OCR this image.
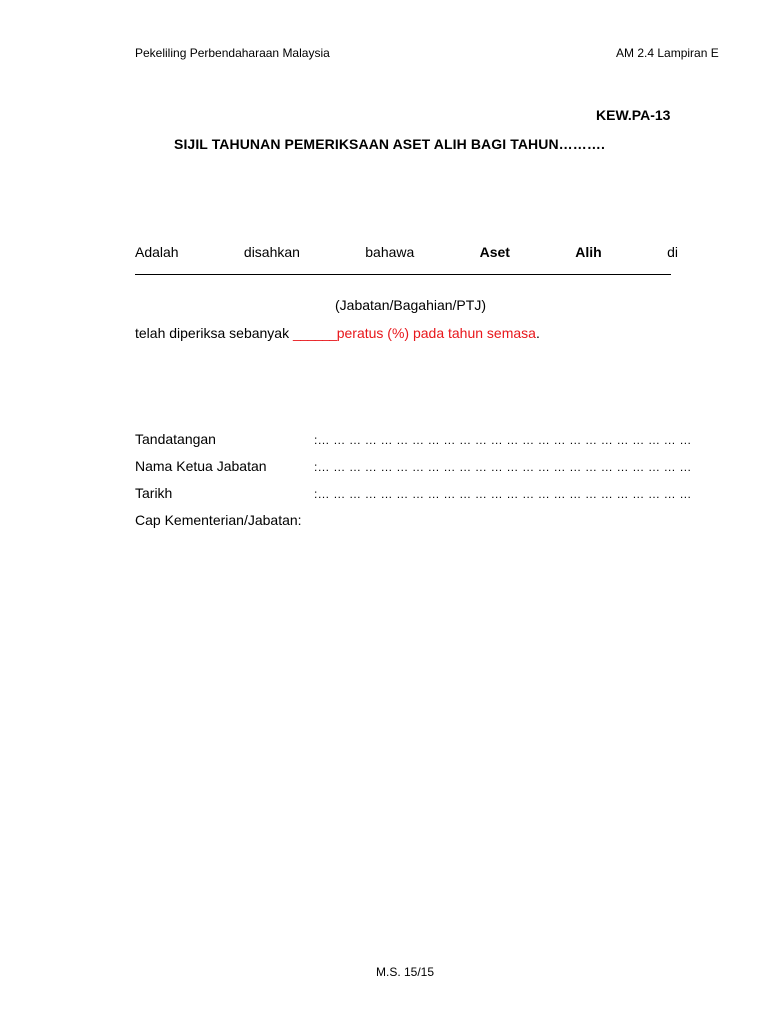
Pekeliling Perbendaharaan Malaysia	AM 2.4 Lampiran E
KEW.PA-13
SIJIL TAHUNAN PEMERIKSAAN ASET ALIH BAGI TAHUN……….
Adalah	disahkan	bahawa	Aset	Alih	di
(Jabatan/Bagahian/PTJ)
telah diperiksa sebanyak ______peratus (%) pada tahun semasa.
Tandatangan	:… … … … … … … … … … … … … … … … … … … … … … … …
Nama Ketua Jabatan	:… … … … … … … … … … … … … … … … … … … … … … … …
Tarikh	:… … … … … … … … … … … … … … … … … … … … … … … …
Cap Kementerian/Jabatan:
M.S. 15/15
